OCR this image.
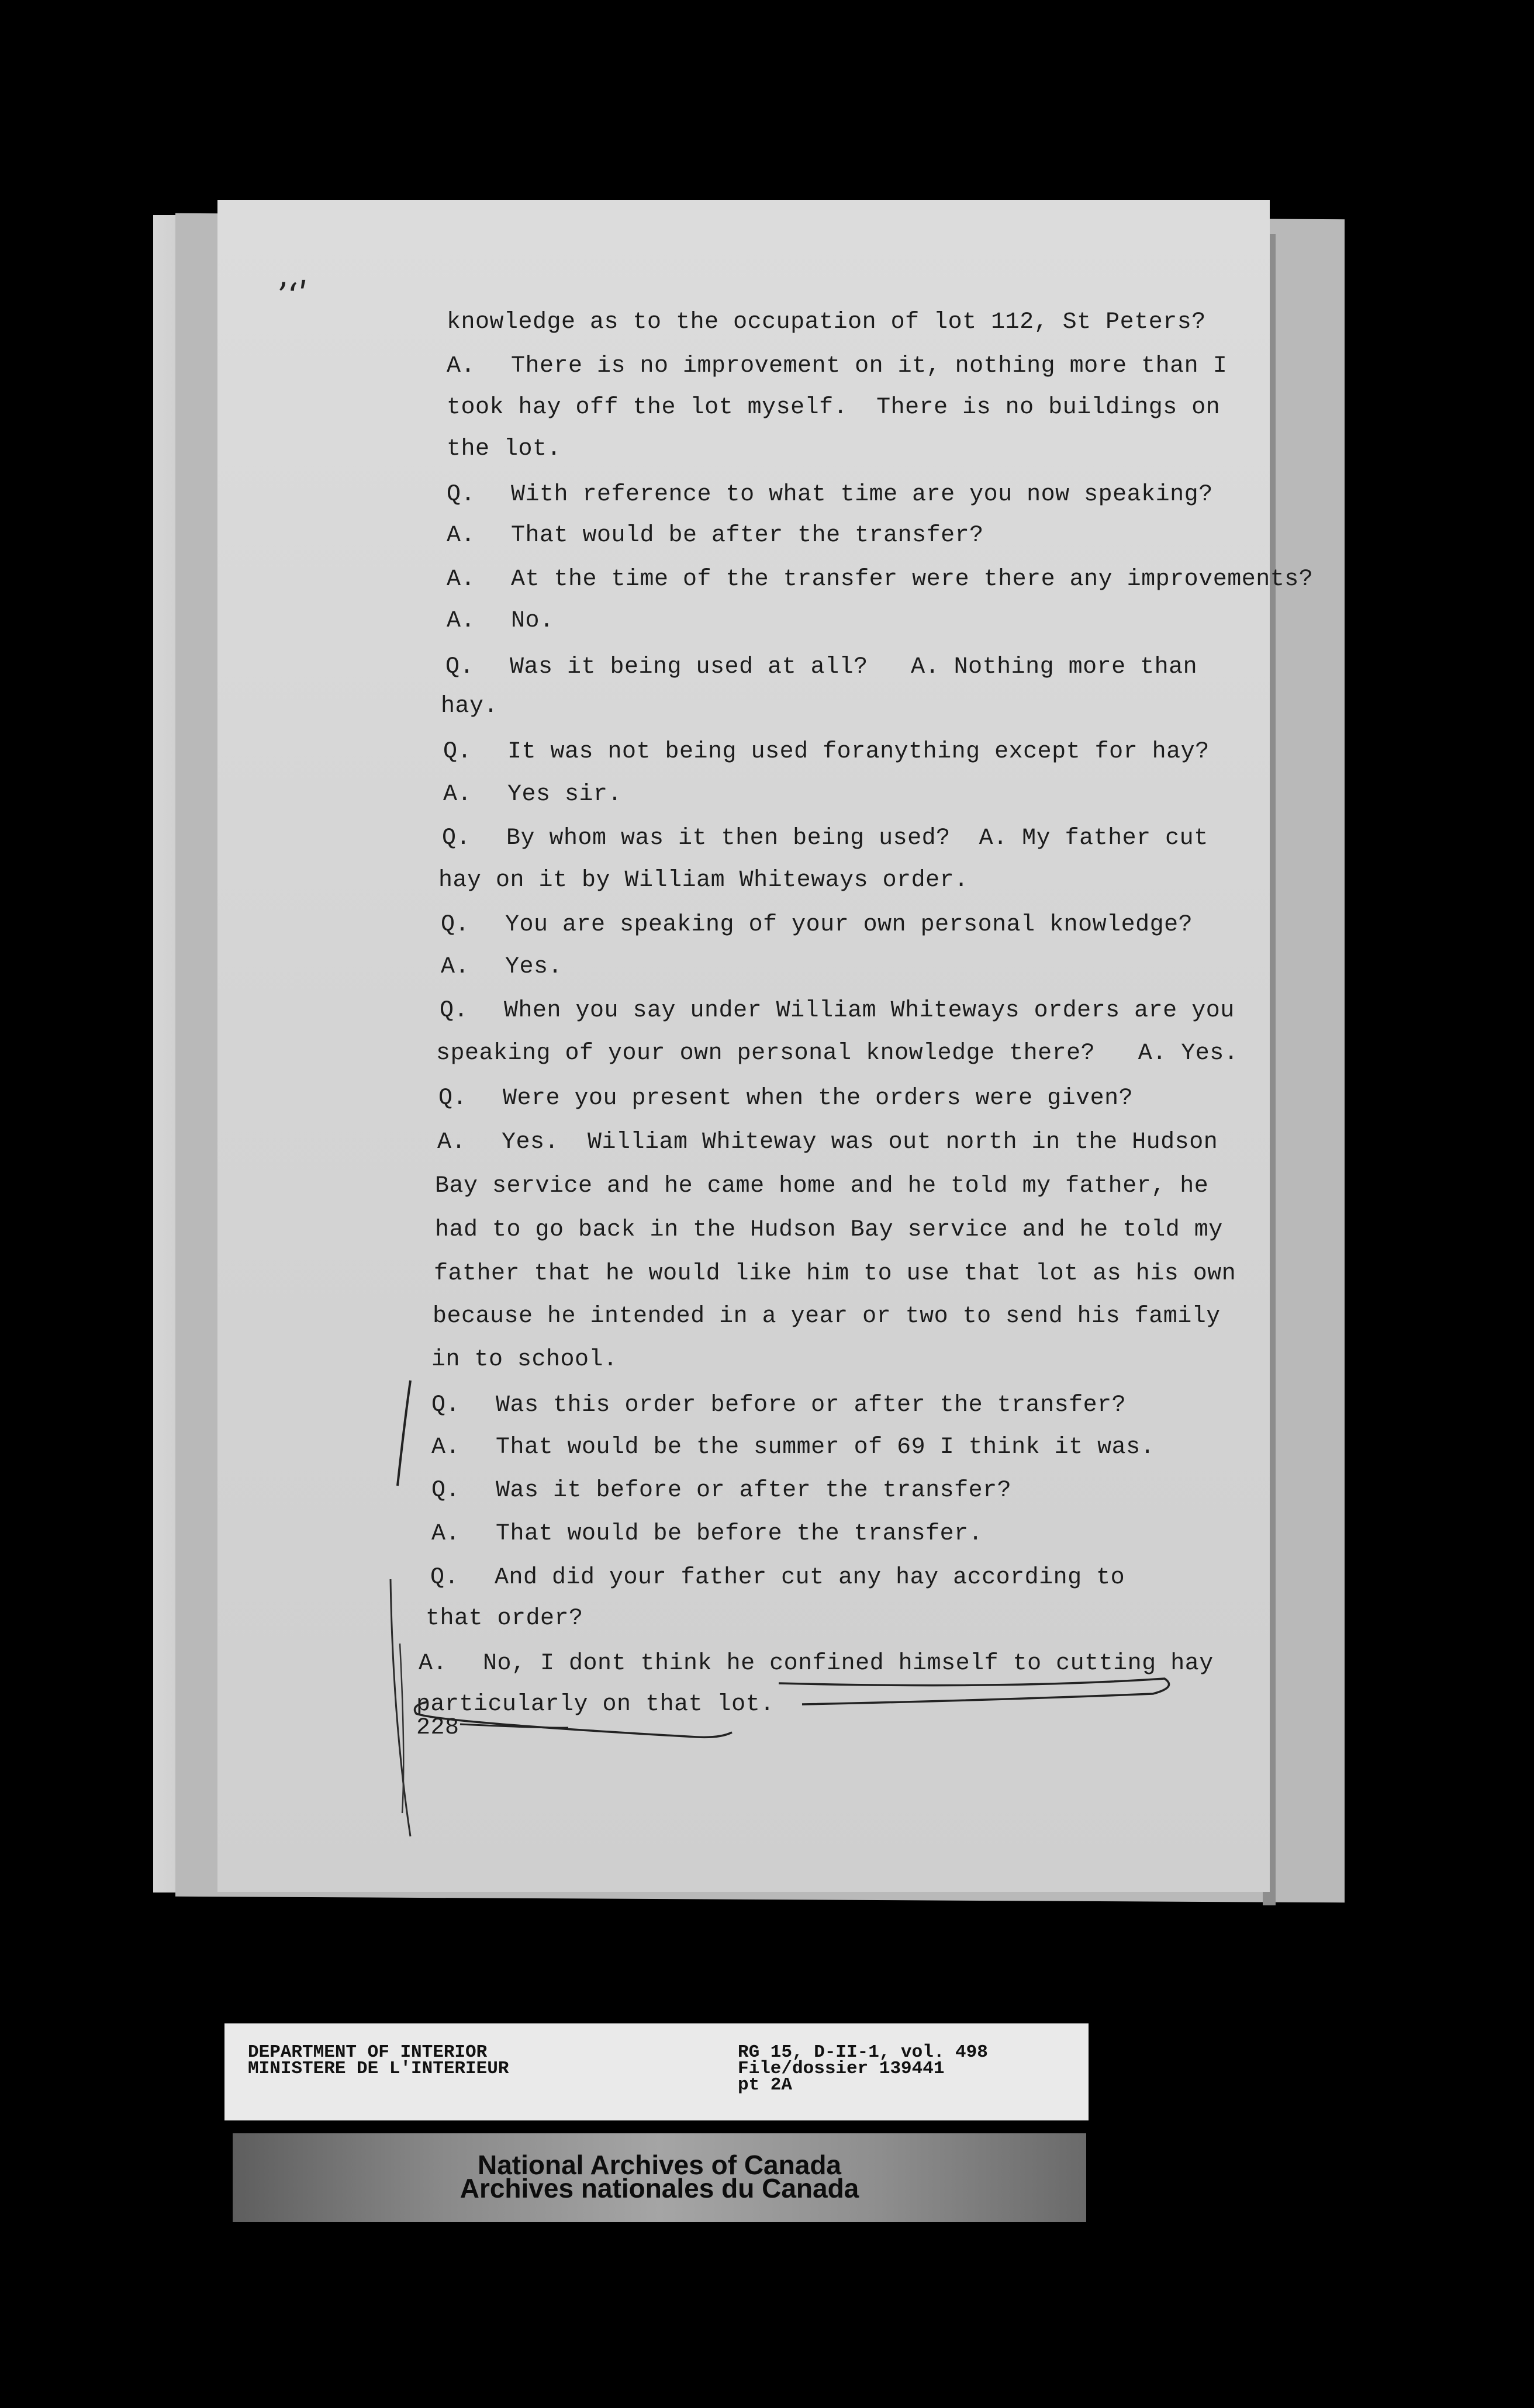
ʼ‘ʹ
knowledge as to the occupation of lot 112, St Peters?
A. There is no improvement on it, nothing more than I
took hay off the lot myself.  There is no buildings on
the lot.
Q. With reference to what time are you now speaking?
A. That would be after the transfer?
A. At the time of the transfer were there any improvements?
A. No.
Q. Was it being used at all?   A. Nothing more than
hay.
Q. It was not being used foranything except for hay?
A. Yes sir.
Q. By whom was it then being used?  A. My father cut
hay on it by William Whiteways order.
Q. You are speaking of your own personal knowledge?
A. Yes.
Q. When you say under William Whiteways orders are you
speaking of your own personal knowledge there?   A. Yes.
Q. Were you present when the orders were given?
A. Yes.  William Whiteway was out north in the Hudson
Bay service and he came home and he told my father, he
had to go back in the Hudson Bay service and he told my
father that he would like him to use that lot as his own
because he intended in a year or two to send his family
in to school.
Q. Was this order before or after the transfer?
A. That would be the summer of 69 I think it was.
Q. Was it before or after the transfer?
A. That would be before the transfer.
Q. And did your father cut any hay according to
that order?
A. No, I dont think he confined himself to cutting hay
particularly on that lot.
228
DEPARTMENT OF INTERIOR
MINISTERE DE L'INTERIEUR
RG 15, D-II-1, vol. 498
File/dossier 139441
pt 2A
National Archives of Canada
Archives nationales du Canada
